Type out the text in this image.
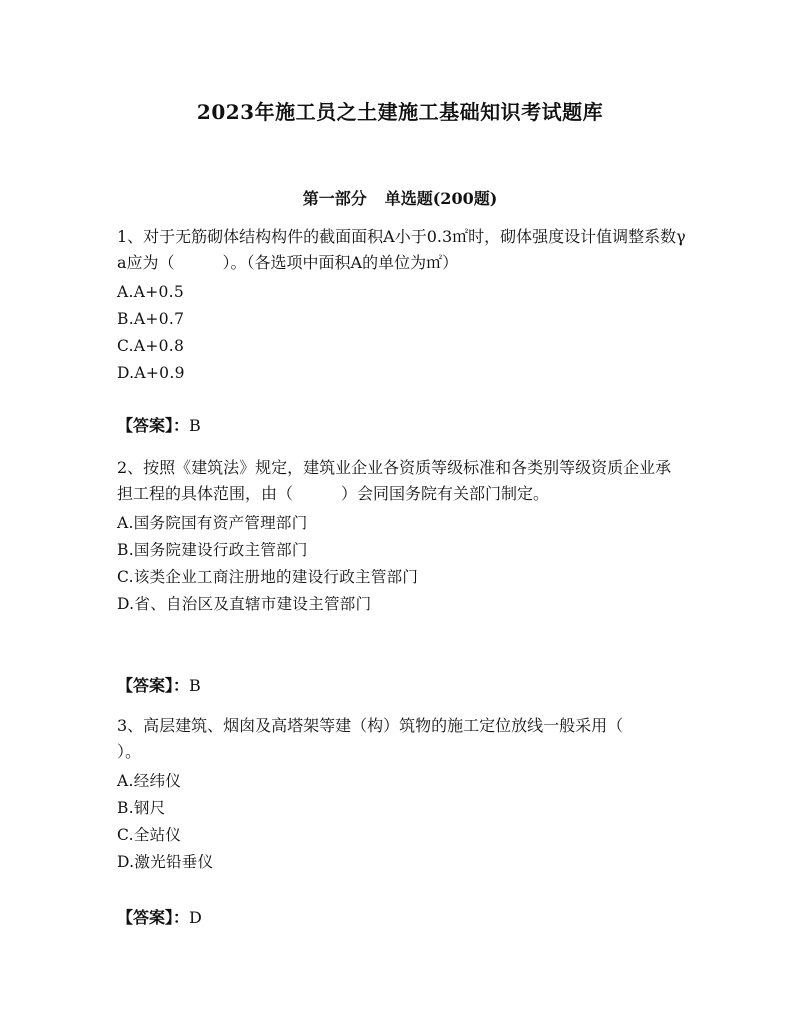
2023年施工员之土建施工基础知识考试题库
第一部分 单选题(200题)
1、对于无筋砌体结构构件的截面面积A小于0.3㎡时，砌体强度设计值调整系数γa应为（　　　）。（各选项中面积A的单位为㎡）
A.A+0.5
B.A+0.7
C.A+0.8
D.A+0.9
【答案】：B
2、按照《建筑法》规定，建筑业企业各资质等级标准和各类别等级资质企业承担工程的具体范围，由（　　　）会同国务院有关部门制定。
A.国务院国有资产管理部门
B.国务院建设行政主管部门
C.该类企业工商注册地的建设行政主管部门
D.省、自治区及直辖市建设主管部门
【答案】：B
3、高层建筑、烟囱及高塔架等建（构）筑物的施工定位放线一般采用（　　　）。
A.经纬仪
B.钢尺
C.全站仪
D.激光铅垂仪
【答案】：D
